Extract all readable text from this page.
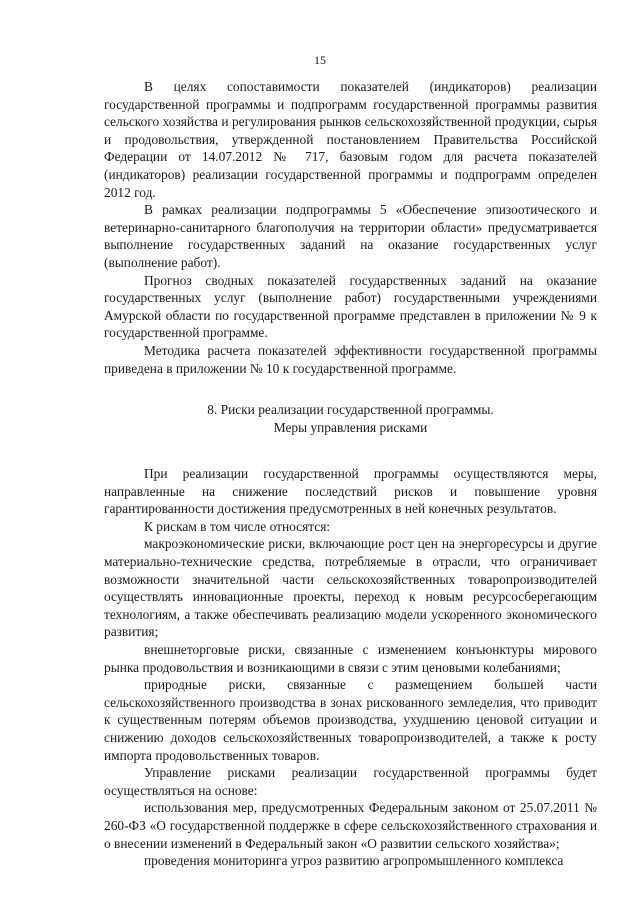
15

В целях сопоставимости показателей (индикаторов) реализации государственной программы и подпрограмм государственной программы развития сельского хозяйства и регулирования рынков сельскохозяйственной продукции, сырья и продовольствия, утвержденной постановлением Правительства Российской Федерации от 14.07.2012 № 717, базовым годом для расчета показателей (индикаторов) реализации государственной программы и подпрограмм определен 2012 год.

В рамках реализации подпрограммы 5 «Обеспечение эпизоотического и ветеринарно-санитарного благополучия на территории области» предусматривается выполнение государственных заданий на оказание государственных услуг (выполнение работ).

Прогноз сводных показателей государственных заданий на оказание государственных услуг (выполнение работ) государственными учреждениями Амурской области по государственной программе представлен в приложении № 9 к государственной программе.

Методика расчета показателей эффективности государственной программы приведена в приложении № 10 к государственной программе.

8. Риски реализации государственной программы.
Меры управления рисками

При реализации государственной программы осуществляются меры, направленные на снижение последствий рисков и повышение уровня гарантированности достижения предусмотренных в ней конечных результатов.

К рискам в том числе относятся:

макроэкономические риски, включающие рост цен на энергоресурсы и другие материально-технические средства, потребляемые в отрасли, что ограничивает возможности значительной части сельскохозяйственных товаропроизводителей осуществлять инновационные проекты, переход к новым ресурсосберегающим технологиям, а также обеспечивать реализацию модели ускоренного экономического развития;

внешнеторговые риски, связанные с изменением конъюнктуры мирового рынка продовольствия и возникающими в связи с этим ценовыми колебаниями;

природные риски, связанные с размещением большей части сельскохозяйственного производства в зонах рискованного земледелия, что приводит к существенным потерям объемов производства, ухудшению ценовой ситуации и снижению доходов сельскохозяйственных товаропроизводителей, а также к росту импорта продовольственных товаров.

Управление рисками реализации государственной программы будет осуществляться на основе:

использования мер, предусмотренных Федеральным законом от 25.07.2011 № 260-ФЗ «О государственной поддержке в сфере сельскохозяйственного страхования и о внесении изменений в Федеральный закон «О развитии сельского хозяйства»;

проведения мониторинга угроз развитию агропромышленного комплекса
